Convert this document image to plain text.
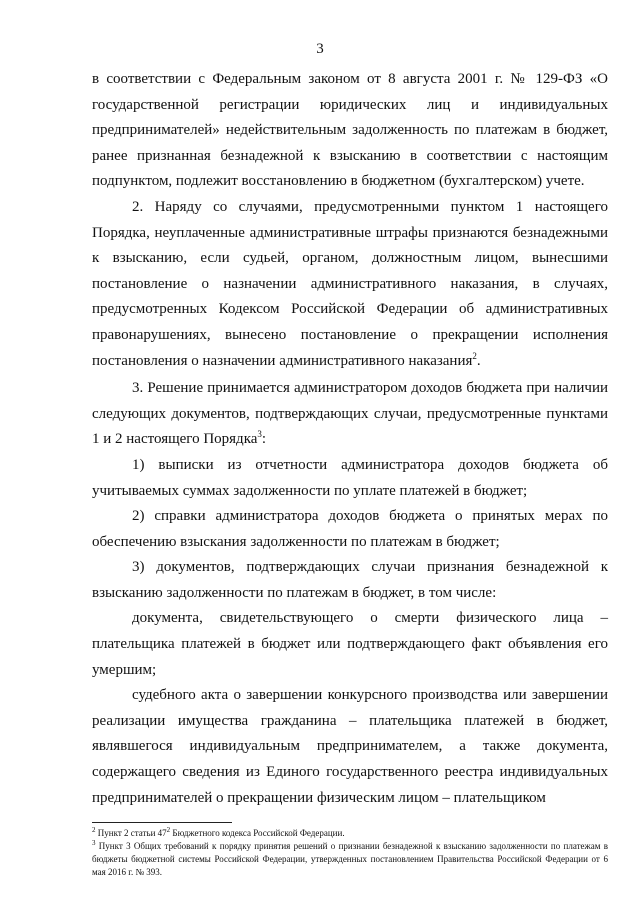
3

в соответствии с Федеральным законом от 8 августа 2001 г. № 129-ФЗ «О государственной регистрации юридических лиц и индивидуальных предпринимателей» недействительным задолженность по платежам в бюджет, ранее признанная безнадежной к взысканию в соответствии с настоящим подпунктом, подлежит восстановлению в бюджетном (бухгалтерском) учете.

2. Наряду со случаями, предусмотренными пунктом 1 настоящего Порядка, неуплаченные административные штрафы признаются безнадежными к взысканию, если судьей, органом, должностным лицом, вынесшими постановление о назначении административного наказания, в случаях, предусмотренных Кодексом Российской Федерации об административных правонарушениях, вынесено постановление о прекращении исполнения постановления о назначении административного наказания$^2$.

3. Решение принимается администратором доходов бюджета при наличии следующих документов, подтверждающих случаи, предусмотренные пунктами 1 и 2 настоящего Порядка$^3$:

1) выписки из отчетности администратора доходов бюджета об учитываемых суммах задолженности по уплате платежей в бюджет;

2) справки администратора доходов бюджета о принятых мерах по обеспечению взыскания задолженности по платежам в бюджет;

3) документов, подтверждающих случаи признания безнадежной к взысканию задолженности по платежам в бюджет, в том числе:

документа, свидетельствующего о смерти физического лица – плательщика платежей в бюджет или подтверждающего факт объявления его умершим;

судебного акта о завершении конкурсного производства или завершении реализации имущества гражданина – плательщика платежей в бюджет, являвшегося индивидуальным предпринимателем, а также документа, содержащего сведения из Единого государственного реестра индивидуальных предпринимателей о прекращении физическим лицом – плательщиком

$^2$ Пункт 2 статьи $47^2$ Бюджетного кодекса Российской Федерации.

$^3$ Пункт 3 Общих требований к порядку принятия решений о признании безнадежной к взысканию задолженности по платежам в бюджеты бюджетной системы Российской Федерации, утвержденных постановлением Правительства Российской Федерации от 6 мая 2016 г. № 393.
